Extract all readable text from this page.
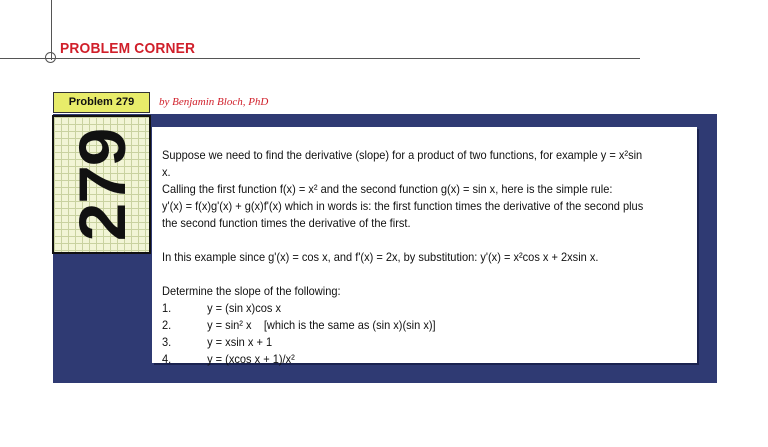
PROBLEM CORNER
Problem 279	by Benjamin Bloch, PhD
279 Suppose we need to find the derivative (slope) for a product of two functions, for example y = x²sin x.

Calling the first function f(x) = x² and the second function g(x) = sin x, here is the simple rule:

y'(x) = f(x)g'(x) + g(x)f'(x) which in words is: the first function times the derivative of the second plus

the second function times the derivative of the first.

In this example since g'(x) = cos x, and f'(x) = 2x, by substitution: y'(x) = x²cos x + 2xsin x.

Determine the slope of the following:

1.	y = (sin x)cos x
2.	y = sin² x    [which is the same as (sin x)(sin x)]
3.	y = xsin x + 1
4.	y = (xcos x + 1)/x²
